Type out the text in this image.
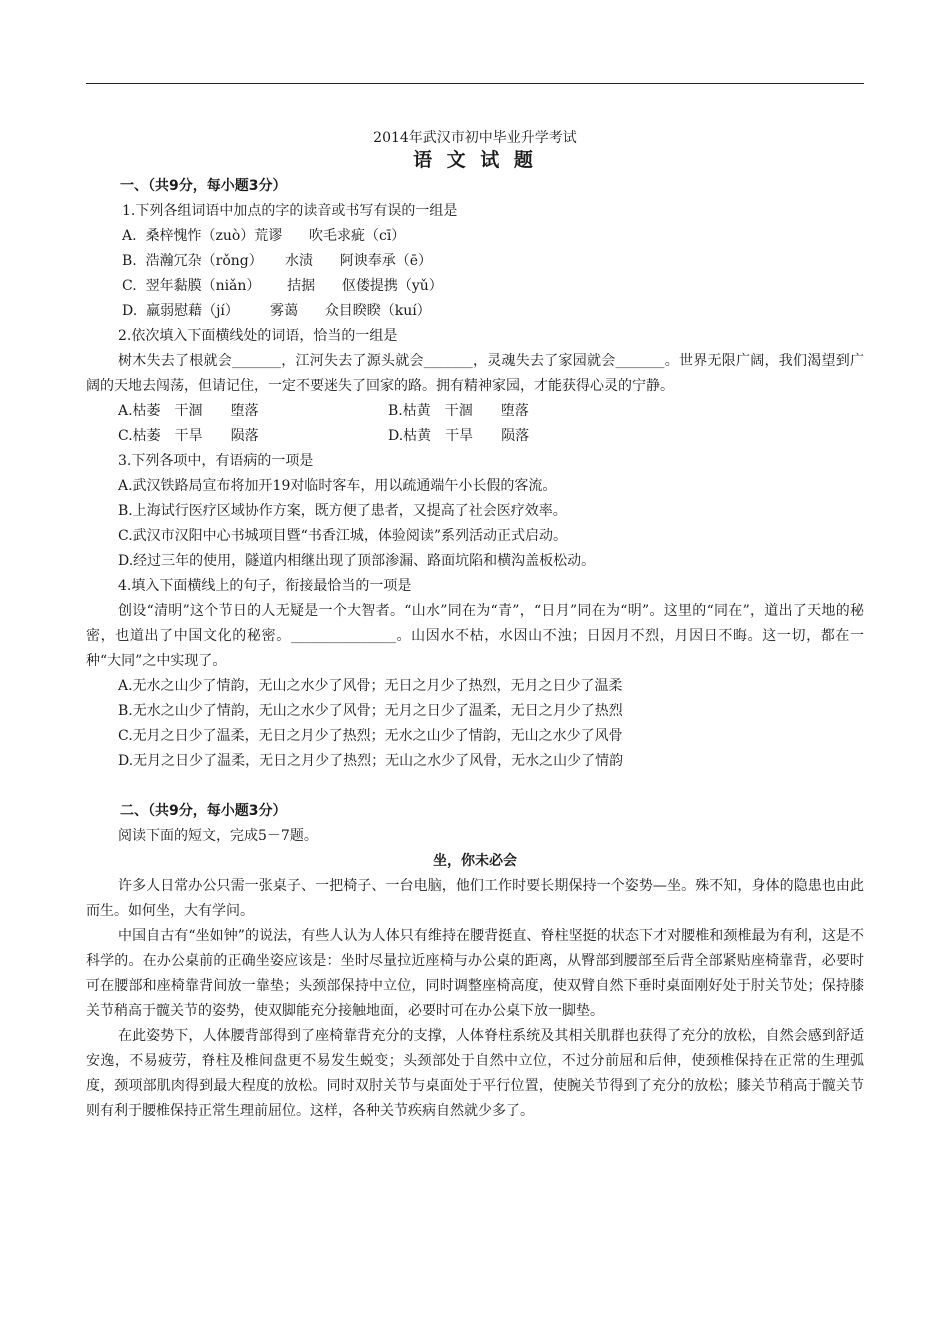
2014年武汉市初中毕业升学考试

语 文 试 题

一、（共9分，每小题3分）

1.下列各组词语中加点的字的读音或书写有误的一组是

A.  桑梓愧怍（zuò）荒谬      吹毛求疵（cī）

B.  浩瀚冗杂（rǒng）     水渍      阿谀奉承（ē）

C.  翌年黏膜（niǎn）      拮据      伛偻提携（yǔ）

D.  羸弱慰藉（jí）       雾蔼      众目睽睽（kuí）

2.依次填入下面横线处的词语，恰当的一组是

树木失去了根就会_______，江河失去了源头就会_______，灵魂失去了家园就会_______。世界无限广阔，我们渴望到广阔的天地去闯荡，但请记住，一定不要迷失了回家的路。拥有精神家园，才能获得心灵的宁静。

A.枯萎　干涸　　堕落	B.枯黄　干涸　　堕落
C.枯萎　干旱　　陨落	D.枯黄　干旱　　陨落

3.下列各项中，有语病的一项是

A.武汉铁路局宣布将加开19对临时客车，用以疏通端午小长假的客流。

B.上海试行医疗区域协作方案，既方便了患者，又提高了社会医疗效率。

C.武汉市汉阳中心书城项目暨“书香江城，体验阅读”系列活动正式启动。

D.经过三年的使用，隧道内相继出现了顶部渗漏、路面坑陷和横沟盖板松动。

4.填入下面横线上的句子，衔接最恰当的一项是

创设“清明”这个节日的人无疑是一个大智者。“山水”同在为“青”，“日月”同在为“明”。这里的“同在”，道出了天地的秘密，也道出了中国文化的秘密。_______________。山因水不枯，水因山不浊；日因月不烈，月因日不晦。这一切，都在一种“大同”之中实现了。

A.无水之山少了情韵，无山之水少了风骨；无日之月少了热烈，无月之日少了温柔

B.无水之山少了情韵，无山之水少了风骨；无月之日少了温柔，无日之月少了热烈

C.无月之日少了温柔，无日之月少了热烈；无水之山少了情韵，无山之水少了风骨

D.无月之日少了温柔，无日之月少了热烈；无山之水少了风骨，无水之山少了情韵

二、（共9分，每小题3分）

阅读下面的短文，完成5－7题。

坐，你未必会

许多人日常办公只需一张桌子、一把椅子、一台电脑，他们工作时要长期保持一个姿势—坐。殊不知，身体的隐患也由此而生。如何坐，大有学问。

中国自古有“坐如钟”的说法，有些人认为人体只有维持在腰背挺直、脊柱坚挺的状态下才对腰椎和颈椎最为有利，这是不科学的。在办公桌前的正确坐姿应该是：坐时尽量拉近座椅与办公桌的距离，从臀部到腰部至后背全部紧贴座椅靠背，必要时可在腰部和座椅靠背间放一靠垫；头颈部保持中立位，同时调整座椅高度，使双臂自然下垂时桌面刚好处于肘关节处；保持膝关节稍高于髋关节的姿势，使双脚能充分接触地面，必要时可在办公桌下放一脚垫。

在此姿势下，人体腰背部得到了座椅靠背充分的支撑，人体脊柱系统及其相关肌群也获得了充分的放松，自然会感到舒适安逸，不易疲劳，脊柱及椎间盘更不易发生蜕变；头颈部处于自然中立位，不过分前屈和后伸，使颈椎保持在正常的生理弧度，颈项部肌肉得到最大程度的放松。同时双肘关节与桌面处于平行位置，使腕关节得到了充分的放松；膝关节稍高于髋关节则有利于腰椎保持正常生理前屈位。这样，各种关节疾病自然就少多了。
